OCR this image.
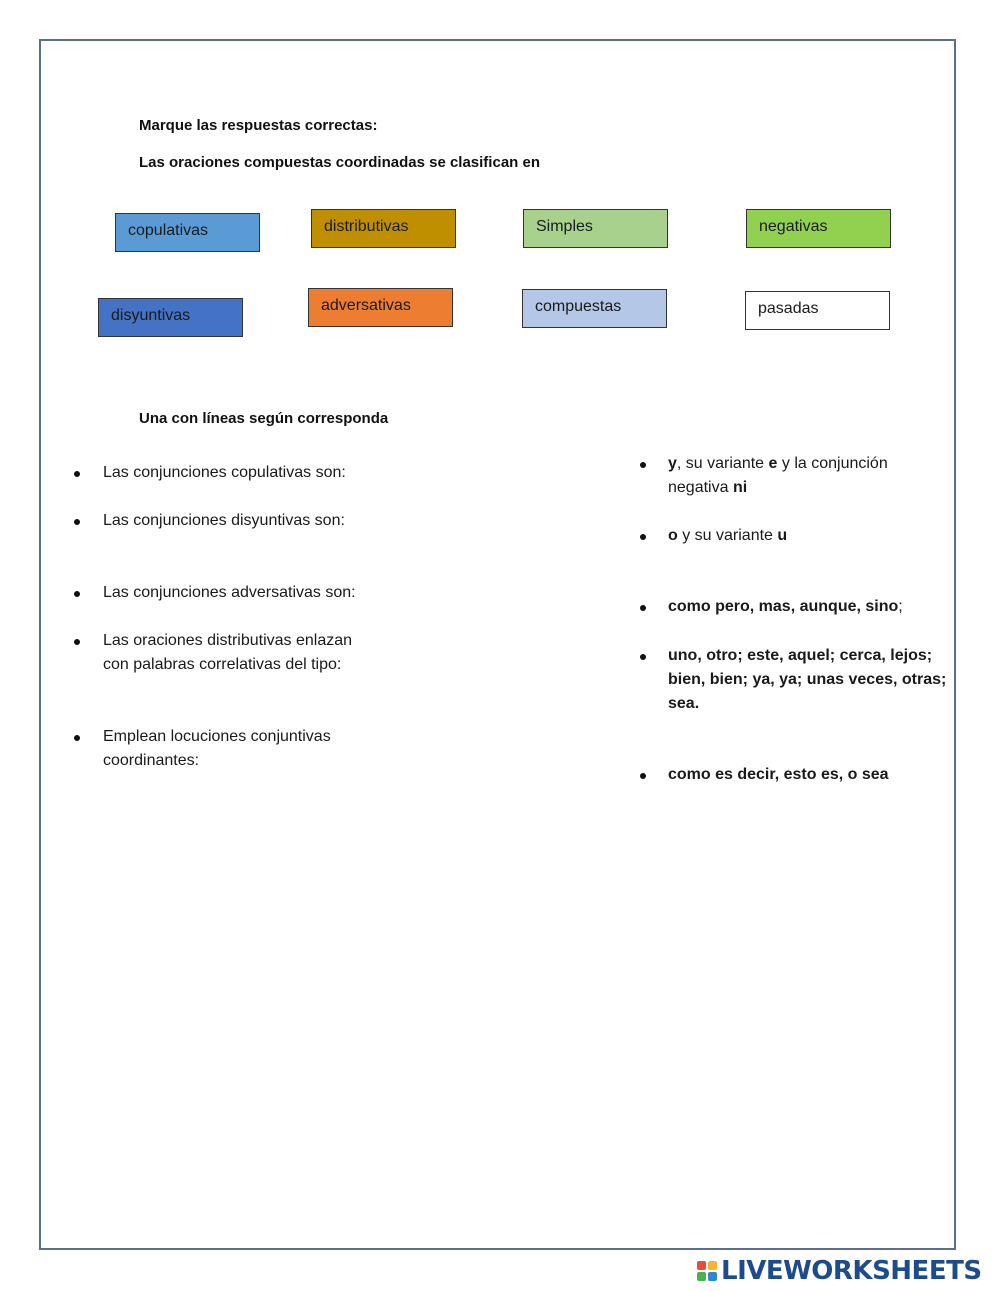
Marque las respuestas correctas:
Las oraciones compuestas coordinadas se clasifican en
copulativas	distributivas	Simples	negativas
disyuntivas
adversativas	compuestas	pasadas
Una con líneas según corresponda
Las conjunciones copulativas son:
Las conjunciones disyuntivas son:
Las conjunciones adversativas son:
Las oraciones distributivas enlazan
con palabras correlativas del tipo:
Emplean locuciones conjuntivas
coordinantes:
y, su variante e y la conjunción
negativa ni
o y su variante u
como pero, mas, aunque, sino;
uno, otro; este, aquel; cerca, lejos;
bien, bien; ya, ya; unas veces, otras;
sea.
como es decir, esto es, o sea
LIVEWORKSHEETS
